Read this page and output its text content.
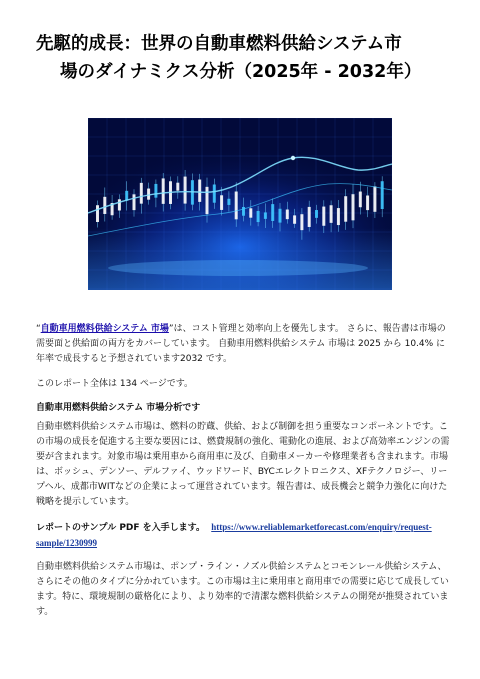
先駆的成長：世界の自動車燃料供給システム市
場のダイナミクス分析（2025年 - 2032年）

“自動車用燃料供給システム 市場”は、コスト管理と効率向上を優先します。 さらに、報告書は市場の需要面と供給面の両方をカバーしています。 自動車用燃料供給システム 市場は 2025 から 10.4% に年率で成長すると予想されています2032 です。

このレポート全体は 134 ページです。

自動車用燃料供給システム 市場分析です

自動車燃料供給システム市場は、燃料の貯蔵、供給、および制御を担う重要なコンポーネントです。この市場の成長を促進する主要な要因には、燃費規制の強化、電動化の進展、および高効率エンジンの需要が含まれます。対象市場は乗用車から商用車に及び、自動車メーカーや修理業者も含まれます。市場は、ボッシュ、デンソー、デルファイ、ウッドワード、BYCエレクトロニクス、XFテクノロジー、リープヘル、成都市WITなどの企業によって運営されています。報告書は、成長機会と競争力強化に向けた戦略を提示しています。

レポートのサンプル PDF を入手します。 https://www.reliablemarketforecast.com/enquiry/request-sample/1230999

自動車燃料供給システム市場は、ポンプ・ライン・ノズル供給システムとコモンレール供給システム、さらにその他のタイプに分かれています。この市場は主に乗用車と商用車での需要に応じて成長しています。特に、環境規制の厳格化により、より効率的で清潔な燃料供給システムの開発が推奨されています。
